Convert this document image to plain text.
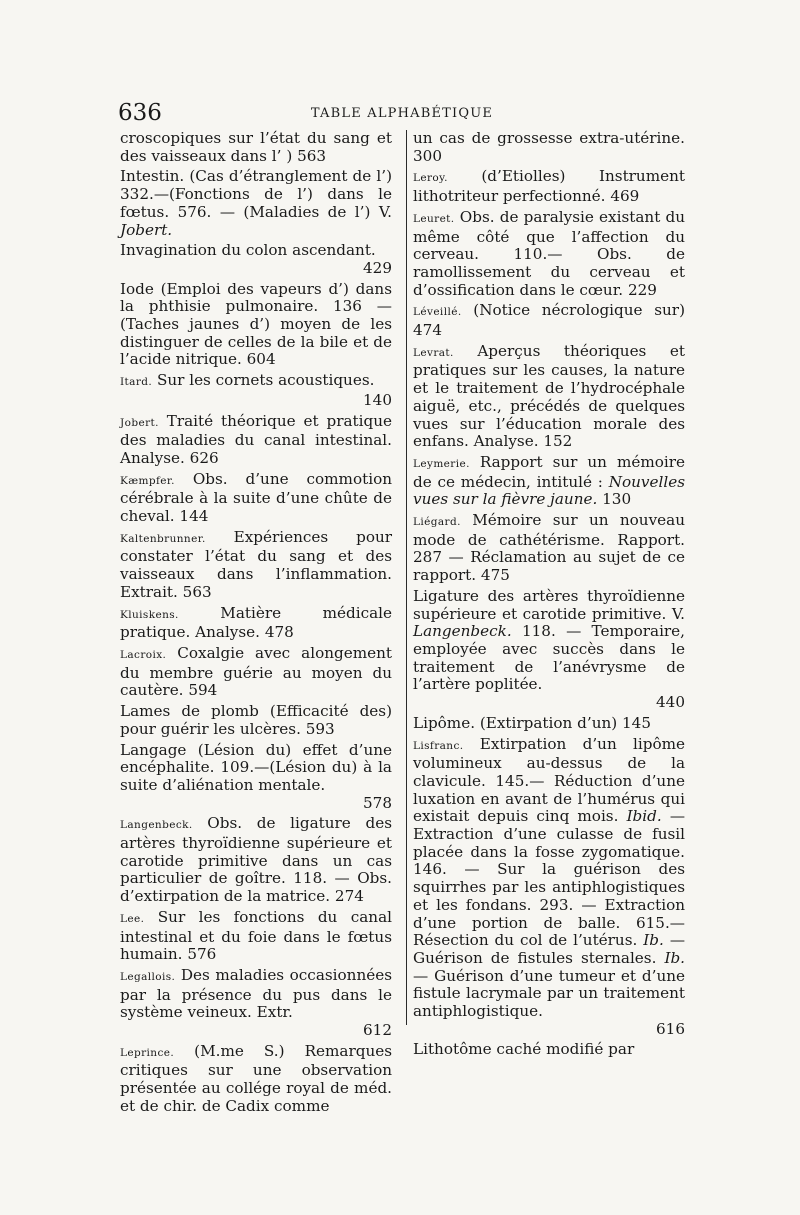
636	TABLE ALPHABÉTIQUE
croscopiques sur l’état du sang et des vaisseaux dans l’ ) 563
Intestin. (Cas d’étranglement de l’) 332.—(Fonctions de l’) dans le fœtus. 576. — (Maladies de l’) V. Jobert.
Invagination du colon ascendant.
429
Iode (Emploi des vapeurs d’) dans la phthisie pulmonaire. 136 — (Taches jaunes d’) moyen de les distinguer de celles de la bile et de l’acide nitrique. 604
Itard. Sur les cornets acoustiques.
140
Jobert. Traité théorique et pratique des maladies du canal intestinal. Analyse. 626
Kæmpfer. Obs. d’une commotion cérébrale à la suite d’une chûte de cheval. 144
Kaltenbrunner. Expériences pour constater l’état du sang et des vaisseaux dans l’inflammation. Extrait. 563
Kluiskens.	Matière médicale pratique. Analyse. 478
Lacroix. Coxalgie avec alongement du membre guérie au moyen du cautère. 594
Lames de plomb (Efficacité des) pour guérir les ulcères. 593
Langage (Lésion du) effet d’une encéphalite. 109.—(Lésion du) à la suite d’aliénation mentale.
578
Langenbeck. Obs. de ligature des artères thyroïdienne supérieure et carotide primitive dans un cas particulier de goître. 118. — Obs. d’extirpation de la matrice. 274
Lee. Sur les fonctions du canal intestinal et du foie dans le fœtus humain. 576
Legallois. Des maladies occasionnées par la présence du pus dans le système veineux. Extr.
612
Leprince. (M.me S.) Remarques critiques sur une observation présentée au collége royal de méd. et de chir. de Cadix comme
un cas de grossesse extra-utérine. 300
Leroy. (d’Etiolles) Instrument lithotriteur perfectionné. 469
Leuret. Obs. de paralysie existant du même côté que l’affection du cerveau. 110.— Obs. de ramollissement du cerveau et d’ossification dans le cœur. 229
Léveillé. (Notice nécrologique sur) 474
Levrat. Aperçus théoriques et pratiques sur les causes, la nature et le traitement de l’hydrocéphale aiguë, etc., précédés de quelques vues sur l’éducation morale des enfans. Analyse. 152
Leymerie. Rapport sur un mémoire de ce médecin, intitulé : Nouvelles vues sur la fièvre jaune. 130
Liégard. Mémoire sur un nouveau mode de cathétérisme. Rapport. 287 — Réclamation au sujet de ce rapport. 475
Ligature des artères thyroïdienne supérieure et carotide primitive. V. Langenbeck. 118. — Temporaire, employée avec succès dans le traitement de l’anévrysme de l’artère poplitée.
440
Lipôme. (Extirpation d’un) 145
Lisfranc. Extirpation d’un lipôme volumineux au-dessus de la clavicule. 145.— Réduction d’une luxation en avant de l’humérus qui existait depuis cinq mois. Ibid. —Extraction d’une culasse de fusil placée dans la fosse zygomatique. 146. — Sur la guérison des squirrhes par les antiphlogistiques et les fondans. 293. — Extraction d’une portion de balle. 615.—Résection du col de l’utérus. Ib. — Guérison de fistules sternales. Ib. — Guérison d’une tumeur et d’une fistule lacrymale par un traitement antiphlogistique.
616
Lithotôme caché modifié par
